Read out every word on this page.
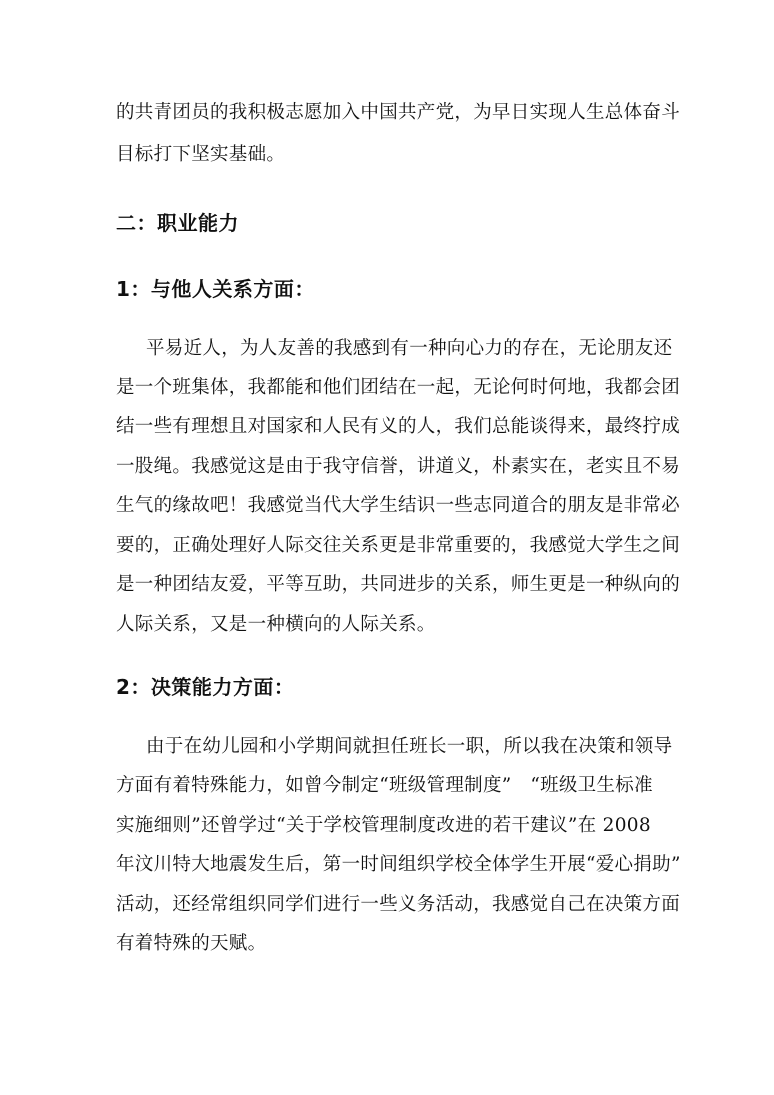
的共青团员的我积极志愿加入中国共产党，为早日实现人生总体奋斗
目标打下坚实基础。
二：职业能力
1：与他人关系方面：
平易近人，为人友善的我感到有一种向心力的存在，无论朋友还
是一个班集体，我都能和他们团结在一起，无论何时何地，我都会团
结一些有理想且对国家和人民有义的人，我们总能谈得来，最终拧成
一股绳。我感觉这是由于我守信誉，讲道义，朴素实在，老实且不易
生气的缘故吧！我感觉当代大学生结识一些志同道合的朋友是非常必
要的，正确处理好人际交往关系更是非常重要的，我感觉大学生之间
是一种团结友爱，平等互助，共同进步的关系，师生更是一种纵向的
人际关系，又是一种横向的人际关系。
2：决策能力方面：
由于在幼儿园和小学期间就担任班长一职，所以我在决策和领导
方面有着特殊能力，如曾今制定“班级管理制度”　“班级卫生标准
实施细则”还曾学过“关于学校管理制度改进的若干建议”在 2008
年汶川特大地震发生后，第一时间组织学校全体学生开展“爱心捐助”
活动，还经常组织同学们进行一些义务活动，我感觉自己在决策方面
有着特殊的天赋。
